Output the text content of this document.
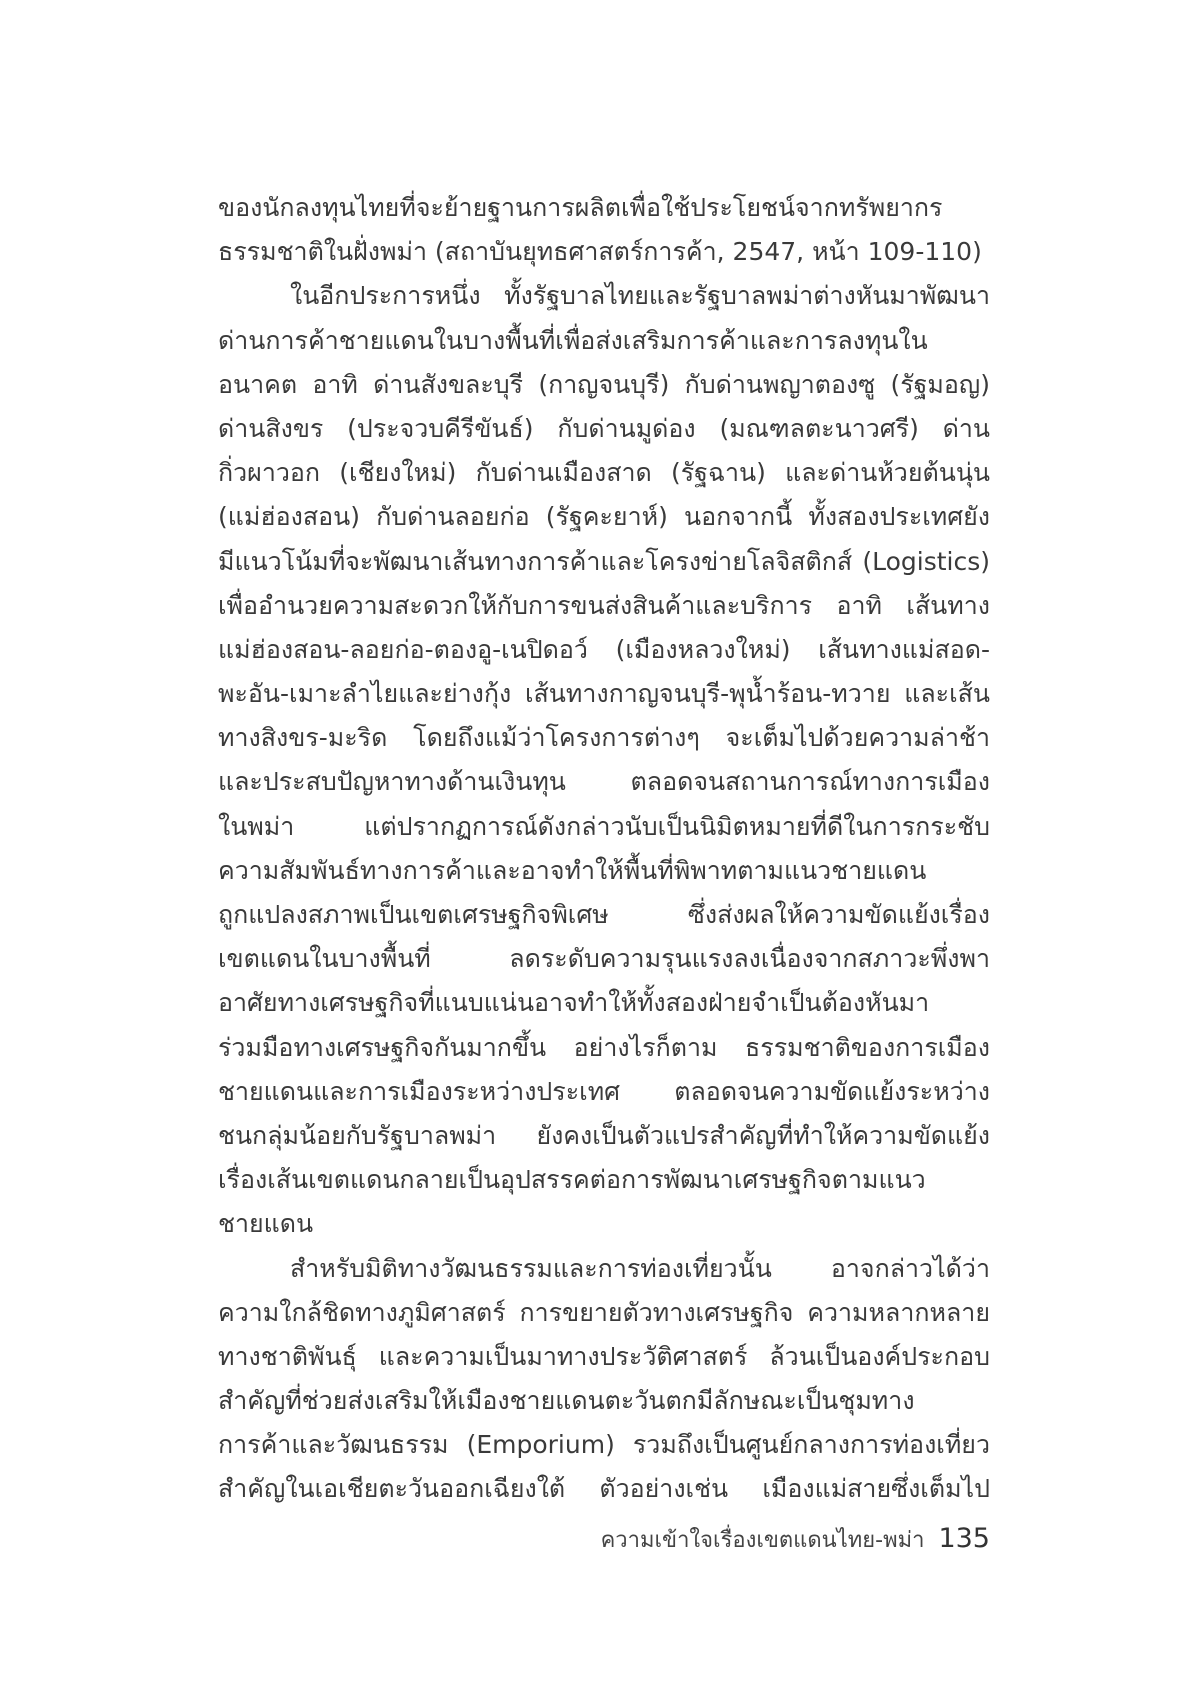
ของนักลงทุนไทยที่จะย้ายฐานการผลิตเพื่อใช้ประโยชน์จากทรัพยากร
ธรรมชาติในฝั่งพม่า (สถาบันยุทธศาสตร์การค้า, 2547, หน้า 109-110)
ในอีกประการหนึ่ง ทั้งรัฐบาลไทยและรัฐบาลพม่าต่างหันมาพัฒนา
ด่านการค้าชายแดนในบางพื้นที่เพื่อส่งเสริมการค้าและการลงทุนใน
อนาคต อาทิ ด่านสังขละบุรี (กาญจนบุรี) กับด่านพญาตองซู (รัฐมอญ)
ด่านสิงขร (ประจวบคีรีขันธ์) กับด่านมูด่อง (มณฑลตะนาวศรี) ด่าน
กิ่วผาวอก (เชียงใหม่) กับด่านเมืองสาด (รัฐฉาน) และด่านห้วยต้นนุ่น
(แม่ฮ่องสอน) กับด่านลอยก่อ (รัฐคะยาห์) นอกจากนี้ ทั้งสองประเทศยัง
มีแนวโน้มที่จะพัฒนาเส้นทางการค้าและโครงข่ายโลจิสติกส์ (Logistics)
เพื่ออำนวยความสะดวกให้กับการขนส่งสินค้าและบริการ อาทิ เส้นทาง
แม่ฮ่องสอน-ลอยก่อ-ตองอู-เนปิดอว์ (เมืองหลวงใหม่) เส้นทางแม่สอด-
พะอัน-เมาะลำไยและย่างกุ้ง เส้นทางกาญจนบุรี-พุน้ำร้อน-ทวาย และเส้น
ทางสิงขร-มะริด โดยถึงแม้ว่าโครงการต่างๆ จะเต็มไปด้วยความล่าช้า
และประสบปัญหาทางด้านเงินทุน ตลอดจนสถานการณ์ทางการเมือง
ในพม่า แต่ปรากฏการณ์ดังกล่าวนับเป็นนิมิตหมายที่ดีในการกระชับ
ความสัมพันธ์ทางการค้าและอาจทำให้พื้นที่พิพาทตามแนวชายแดน
ถูกแปลงสภาพเป็นเขตเศรษฐกิจพิเศษ ซึ่งส่งผลให้ความขัดแย้งเรื่อง
เขตแดนในบางพื้นที่ ลดระดับความรุนแรงลงเนื่องจากสภาวะพึ่งพา
อาศัยทางเศรษฐกิจที่แนบแน่นอาจทำให้ทั้งสองฝ่ายจำเป็นต้องหันมา
ร่วมมือทางเศรษฐกิจกันมากขึ้น อย่างไรก็ตาม ธรรมชาติของการเมือง
ชายแดนและการเมืองระหว่างประเทศ ตลอดจนความขัดแย้งระหว่าง
ชนกลุ่มน้อยกับรัฐบาลพม่า ยังคงเป็นตัวแปรสำคัญที่ทำให้ความขัดแย้ง
เรื่องเส้นเขตแดนกลายเป็นอุปสรรคต่อการพัฒนาเศรษฐกิจตามแนว
ชายแดน
สำหรับมิติทางวัฒนธรรมและการท่องเที่ยวนั้น อาจกล่าวได้ว่า
ความใกล้ชิดทางภูมิศาสตร์ การขยายตัวทางเศรษฐกิจ ความหลากหลาย
ทางชาติพันธุ์ และความเป็นมาทางประวัติศาสตร์ ล้วนเป็นองค์ประกอบ
สำคัญที่ช่วยส่งเสริมให้เมืองชายแดนตะวันตกมีลักษณะเป็นชุมทาง
การค้าและวัฒนธรรม (Emporium) รวมถึงเป็นศูนย์กลางการท่องเที่ยว
สำคัญในเอเชียตะวันออกเฉียงใต้ ตัวอย่างเช่น เมืองแม่สายซึ่งเต็มไป
ความเข้าใจเรื่องเขตแดนไทย-พม่า 135
